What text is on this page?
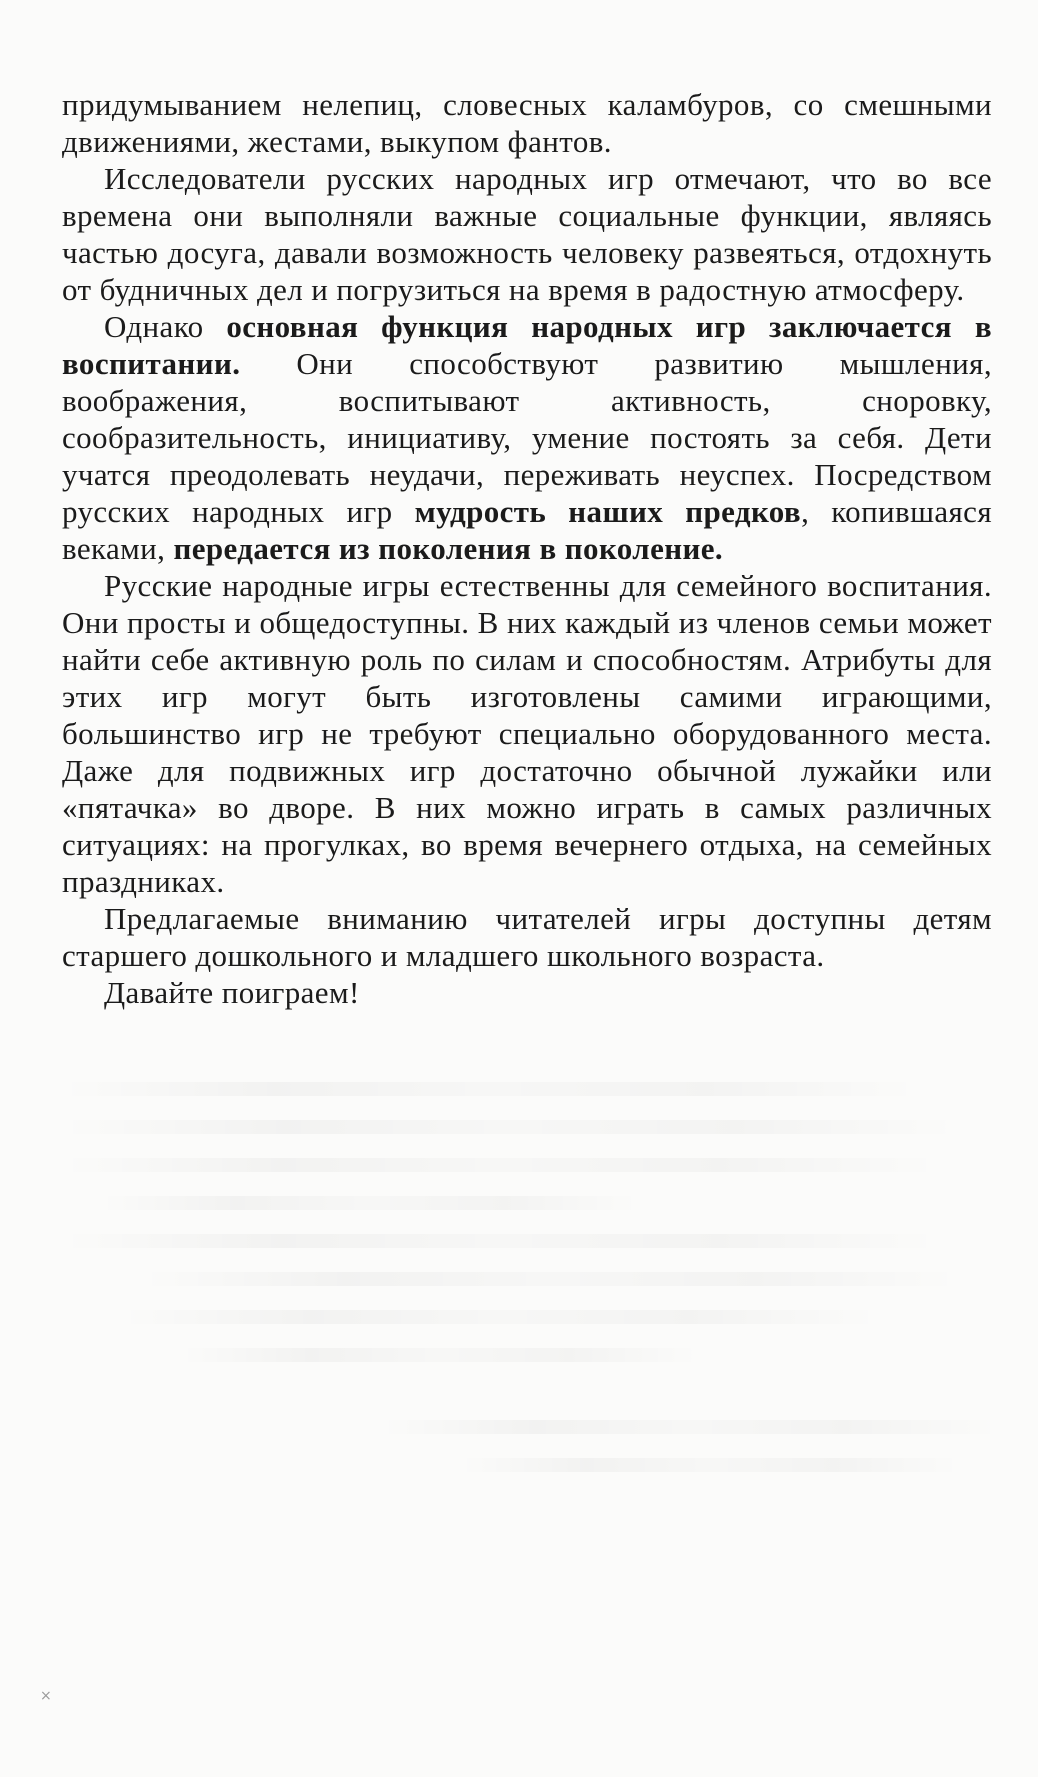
придумыванием нелепиц, словесных каламбуров, со смешными движениями, жестами, выкупом фантов.

Исследователи русских народных игр отмечают, что во все времена они выполняли важные социальные функции, являясь частью досуга, давали возможность человеку развеяться, отдохнуть от будничных дел и погрузиться на время в радостную атмосферу.

Однако основная функция народных игр заключается в воспитании. Они способствуют развитию мышления, воображения, воспитывают активность, сноровку, сообразительность, инициативу, умение постоять за себя. Дети учатся преодолевать неудачи, переживать неуспех. Посредством русских народных игр мудрость наших предков, копившаяся веками, передается из поколения в поколение.

Русские народные игры естественны для семейного воспитания. Они просты и общедоступны. В них каждый из членов семьи может найти себе активную роль по силам и способностям. Атрибуты для этих игр могут быть изготовлены самими играющими, большинство игр не требуют специально оборудованного места. Даже для подвижных игр достаточно обычной лужайки или «пятачка» во дворе. В них можно играть в самых различных ситуациях: на прогулках, во время вечернего отдыха, на семейных праздниках.

Предлагаемые вниманию читателей игры доступны детям старшего дошкольного и младшего школьного возраста.

Давайте поиграем!

×
